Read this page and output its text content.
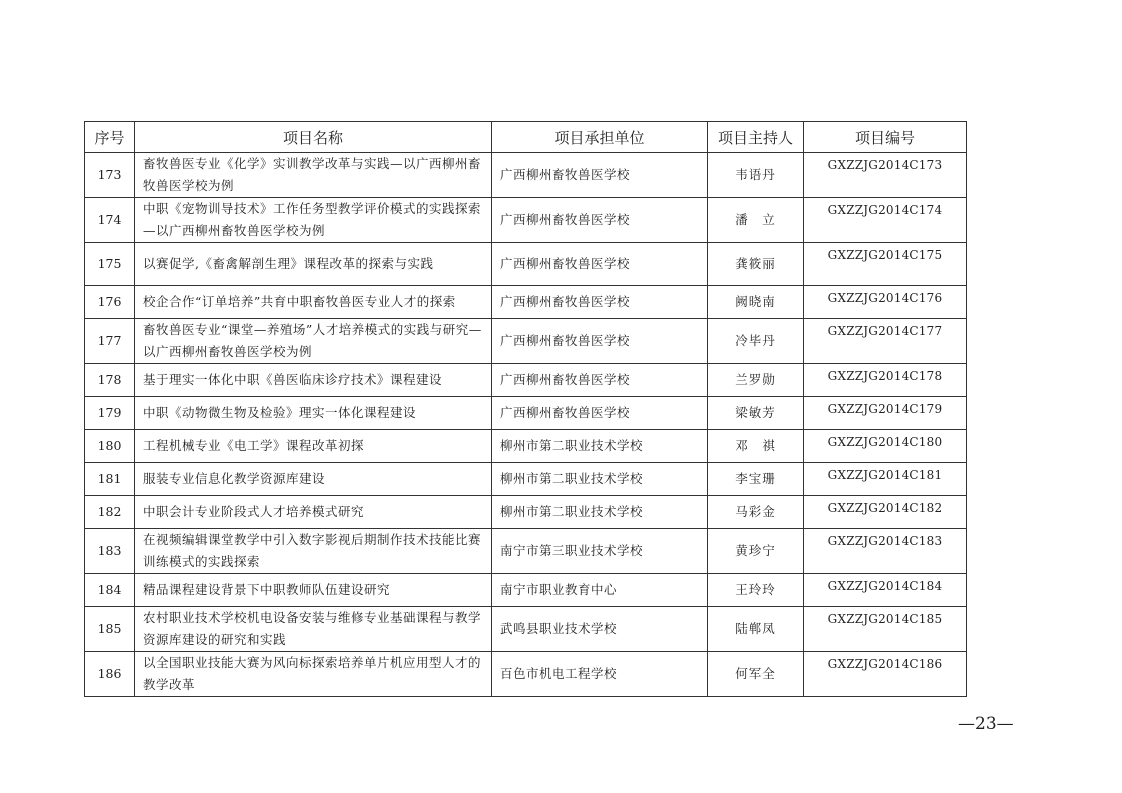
序号	项目名称	项目承担单位	项目主持人	项目编号
173	畜牧兽医专业《化学》实训教学改革与实践—以广西柳州畜牧兽医学校为例	广西柳州畜牧兽医学校	韦语丹	GXZZJG2014C173
174	中职《宠物训导技术》工作任务型教学评价模式的实践探索—以广西柳州畜牧兽医学校为例	广西柳州畜牧兽医学校	潘　立	GXZZJG2014C174
175	以赛促学,《畜禽解剖生理》课程改革的探索与实践	广西柳州畜牧兽医学校	龚筱丽	GXZZJG2014C175
176	校企合作“订单培养”共育中职畜牧兽医专业人才的探索	广西柳州畜牧兽医学校	阙晓南	GXZZJG2014C176
177	畜牧兽医专业“课堂—养殖场”人才培养模式的实践与研究—以广西柳州畜牧兽医学校为例	广西柳州畜牧兽医学校	冷毕丹	GXZZJG2014C177
178	基于理实一体化中职《兽医临床诊疗技术》课程建设	广西柳州畜牧兽医学校	兰罗勋	GXZZJG2014C178
179	中职《动物微生物及检验》理实一体化课程建设	广西柳州畜牧兽医学校	梁敏芳	GXZZJG2014C179
180	工程机械专业《电工学》课程改革初探	柳州市第二职业技术学校	邓　祺	GXZZJG2014C180
181	服装专业信息化教学资源库建设	柳州市第二职业技术学校	李宝珊	GXZZJG2014C181
182	中职会计专业阶段式人才培养模式研究	柳州市第二职业技术学校	马彩金	GXZZJG2014C182
183	在视频编辑课堂教学中引入数字影视后期制作技术技能比赛训练模式的实践探索	南宁市第三职业技术学校	黄珍宁	GXZZJG2014C183
184	精品课程建设背景下中职教师队伍建设研究	南宁市职业教育中心	王玲玲	GXZZJG2014C184
185	农村职业技术学校机电设备安装与维修专业基础课程与教学资源库建设的研究和实践	武鸣县职业技术学校	陆郸凤	GXZZJG2014C185
186	以全国职业技能大赛为风向标探索培养单片机应用型人才的教学改革	百色市机电工程学校	何军全	GXZZJG2014C186
—23—
